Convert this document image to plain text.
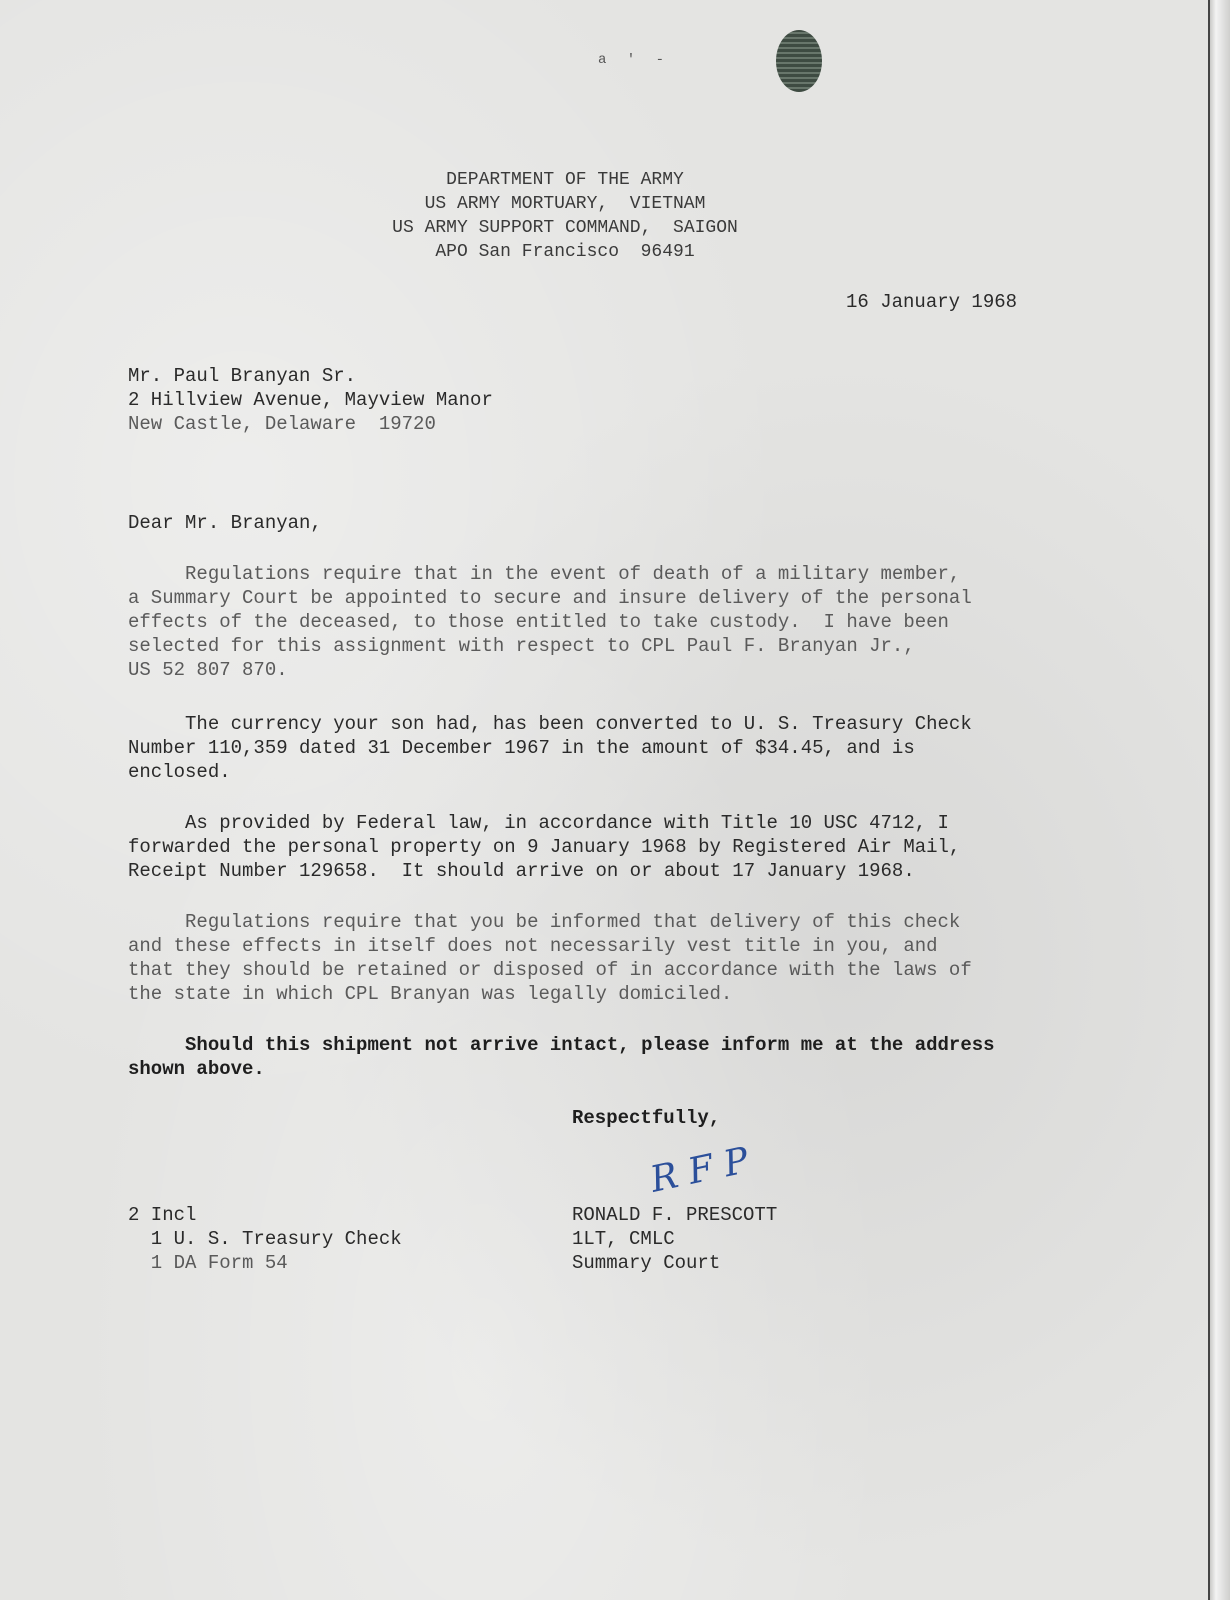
a ' -
DEPARTMENT OF THE ARMY
US ARMY MORTUARY,  VIETNAM
US ARMY SUPPORT COMMAND,  SAIGON
APO San Francisco  96491
16 January 1968
Mr. Paul Branyan Sr.
2 Hillview Avenue, Mayview Manor
New Castle, Delaware  19720
Dear Mr. Branyan,
Regulations require that in the event of death of a military member,
a Summary Court be appointed to secure and insure delivery of the personal
effects of the deceased, to those entitled to take custody.  I have been
selected for this assignment with respect to CPL Paul F. Branyan Jr.,
US 52 807 870.
The currency your son had, has been converted to U. S. Treasury Check
Number 110,359 dated 31 December 1967 in the amount of $34.45, and is
enclosed.
As provided by Federal law, in accordance with Title 10 USC 4712, I
forwarded the personal property on 9 January 1968 by Registered Air Mail,
Receipt Number 129658.  It should arrive on or about 17 January 1968.
Regulations require that you be informed that delivery of this check
and these effects in itself does not necessarily vest title in you, and
that they should be retained or disposed of in accordance with the laws of
the state in which CPL Branyan was legally domiciled.
Should this shipment not arrive intact, please inform me at the address
shown above.
Respectfully,
R F P
RONALD F. PRESCOTT
1LT, CMLC
Summary Court
2 Incl
1 U. S. Treasury Check
1 DA Form 54
